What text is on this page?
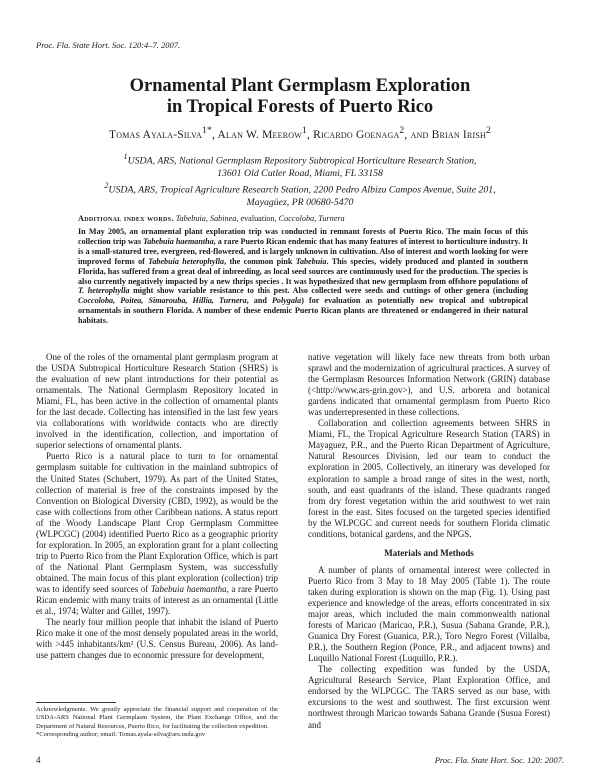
Proc. Fla. State Hort. Soc. 120:4–7. 2007.
Ornamental Plant Germplasm Exploration
in Tropical Forests of Puerto Rico
Tomas Ayala-Silva$^{1*}$, Alan W. Meerow$^1$, Ricardo Goenaga$^2$, and Brian Irish$^2$
$^1$USDA, ARS, National Germplasm Repository Subtropical Horticulture Research Station,
13601 Old Cutler Road, Miami, FL 33158
$^2$USDA, ARS, Tropical Agriculture Research Station, 2200 Pedro Albizu Campos Avenue, Suite 201,
Mayagüez, PR 00680-5470
Additional index words. Tabebuia, Sabinea, evaluation, Coccoloba, Turnera

In May 2005, an ornamental plant exploration trip was conducted in remnant forests of Puerto Rico. The main focus of this collection trip was Tabebuia haemantha, a rare Puerto Rican endemic that has many features of interest to horticulture industry. It is a small-statured tree, evergreen, red-flowered, and is largely unknown in cultivation. Also of interest and worth looking for were improved forms of Tabebuia heterophylla, the common pink Tabebuia. This species, widely produced and planted in southern Florida, has suffered from a great deal of inbreeding, as local seed sources are continuously used for the production. The species is also currently negatively impacted by a new thrips species . It was hypothesized that new germplasm from offshore populations of T. heterophylla might show variable resistance to this pest. Also collected were seeds and cuttings of other genera (including Coccoloba, Poitea, Simarouba, Hillia, Turnera, and Polygala) for evaluation as potentially new tropical and subtropical ornamentals in southern Florida. A number of these endemic Puerto Rican plants are threatened or endangered in their natural habitats.

One of the roles of the ornamental plant germplasm program at the USDA Subtropical Horticulture Research Station (SHRS) is the evaluation of new plant introductions for their potential as ornamentals. The National Germplasm Repository located in Miami, FL, has been active in the collection of ornamental plants for the last decade. Collecting has intensified in the last few years via collaborations with worldwide contacts who are directly involved in the identification, collection, and importation of superior selections of ornamental plants.

Puerto Rico is a natural place to turn to for ornamental germplasm suitable for cultivation in the mainland subtropics of the United States (Schubert, 1979). As part of the United States, collection of material is free of the constraints imposed by the Convention on Biological Diversity (CBD, 1992), as would be the case with collections from other Caribbean nations. A status report of the Woody Landscape Plant Crop Germplasm Committee (WLPCGC) (2004) identified Puerto Rico as a geographic priority for exploration. In 2005, an exploration grant for a plant collecting trip to Puerto Rico from the Plant Exploration Office, which is part of the National Plant Germplasm System, was successfully obtained. The main focus of this plant exploration (collection) trip was to identify seed sources of Tabebuia haemantha, a rare Puerto Rican endemic with many traits of interest as an ornamental (Little et al., 1974; Walter and Gillet, 1997).

The nearly four million people that inhabit the island of Puerto Rico make it one of the most densely populated areas in the world, with >445 inhabitants/km² (U.S. Census Bureau, 2006). As land-use pattern changes due to economic pressure for development,

native vegetation will likely face new threats from both urban sprawl and the modernization of agricultural practices. A survey of the Germplasm Resources Information Network (GRIN) database (<http://www.ars-grin.gov>), and U.S. arboreta and botanical gardens indicated that ornamental germplasm from Puerto Rico was underrepresented in these collections.

Collaboration and collection agreements between SHRS in Miami, FL, the Tropical Agriculture Research Station (TARS) in Mayaguez, P.R., and the Puerto Rican Department of Agriculture, Natural Resources Division, led our team to conduct the exploration in 2005. Collectively, an itinerary was developed for exploration to sample a broad range of sites in the west, north, south, and east quadrants of the island. These quadrants ranged from dry forest vegetation within the arid southwest to wet rain forest in the east. Sites focused on the targeted species identified by the WLPCGC and current needs for southern Florida climatic conditions, botanical gardens, and the NPGS.

Materials and Methods

A number of plants of ornamental interest were collected in Puerto Rico from 3 May to 18 May 2005 (Table 1). The route taken during exploration is shown on the map (Fig. 1). Using past experience and knowledge of the areas, efforts concentrated in six major areas, which included the main commonwealth national forests of Maricao (Maricao, P.R.), Susua (Sabana Grande, P.R.), Guanica Dry Forest (Guanica, P.R.), Toro Negro Forest (Villalba, P.R.), the Southern Region (Ponce, P.R., and adjacent towns) and Luquillo National Forest (Luquillo, P.R.).

The collecting expedition was funded by the USDA, Agricultural Research Service, Plant Exploration Office, and endorsed by the WLPCGC. The TARS served as our base, with excursions to the west and southwest. The first excursion went northwest through Maricao towards Sabana Grande (Susua Forest) and

Acknowledgments. We greatly appreciate the financial support and cooperation of the USDA-ARS National Plant Germplasm System, the Plant Exchange Office, and the Department of Natural Resources, Puerto Rico, for facilitating the collection expedition.

*Corresponding author; email: Tomas.ayala-silva@ars.usda.gov

4	Proc. Fla. State Hort. Soc. 120: 2007.
